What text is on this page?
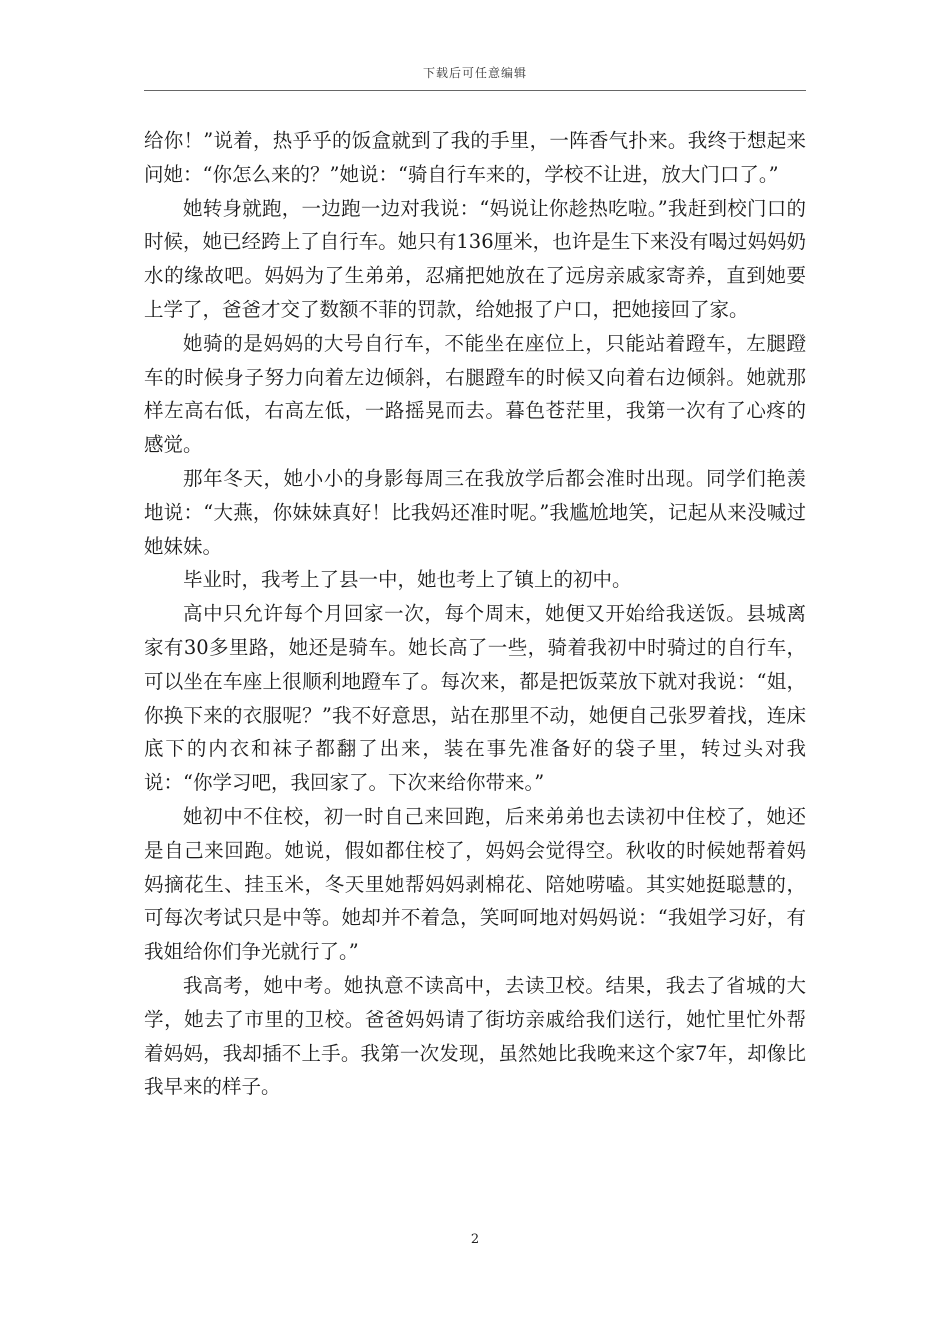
下载后可任意编辑

给你！”说着，热乎乎的饭盒就到了我的手里，一阵香气扑来。我终于想起来问她：“你怎么来的？”她说：“骑自行车来的，学校不让进，放大门口了。”

她转身就跑，一边跑一边对我说：“妈说让你趁热吃啦。”我赶到校门口的时候，她已经跨上了自行车。她只有136厘米，也许是生下来没有喝过妈妈奶水的缘故吧。妈妈为了生弟弟，忍痛把她放在了远房亲戚家寄养，直到她要上学了，爸爸才交了数额不菲的罚款，给她报了户口，把她接回了家。

她骑的是妈妈的大号自行车，不能坐在座位上，只能站着蹬车，左腿蹬车的时候身子努力向着左边倾斜，右腿蹬车的时候又向着右边倾斜。她就那样左高右低，右高左低，一路摇晃而去。暮色苍茫里，我第一次有了心疼的感觉。

那年冬天，她小小的身影每周三在我放学后都会准时出现。同学们艳羡地说：“大燕，你妹妹真好！比我妈还准时呢。”我尴尬地笑，记起从来没喊过她妹妹。

毕业时，我考上了县一中，她也考上了镇上的初中。

高中只允许每个月回家一次，每个周末，她便又开始给我送饭。县城离家有30多里路，她还是骑车。她长高了一些，骑着我初中时骑过的自行车，可以坐在车座上很顺利地蹬车了。每次来，都是把饭菜放下就对我说：“姐，你换下来的衣服呢？”我不好意思，站在那里不动，她便自己张罗着找，连床底下的内衣和袜子都翻了出来，装在事先准备好的袋子里，转过头对我说：“你学习吧，我回家了。下次来给你带来。”

她初中不住校，初一时自己来回跑，后来弟弟也去读初中住校了，她还是自己来回跑。她说，假如都住校了，妈妈会觉得空。秋收的时候她帮着妈妈摘花生、挂玉米，冬天里她帮妈妈剥棉花、陪她唠嗑。其实她挺聪慧的，可每次考试只是中等。她却并不着急，笑呵呵地对妈妈说：“我姐学习好，有我姐给你们争光就行了。”

我高考，她中考。她执意不读高中，去读卫校。结果，我去了省城的大学，她去了市里的卫校。爸爸妈妈请了街坊亲戚给我们送行，她忙里忙外帮着妈妈，我却插不上手。我第一次发现，虽然她比我晚来这个家7年，却像比我早来的样子。

2
